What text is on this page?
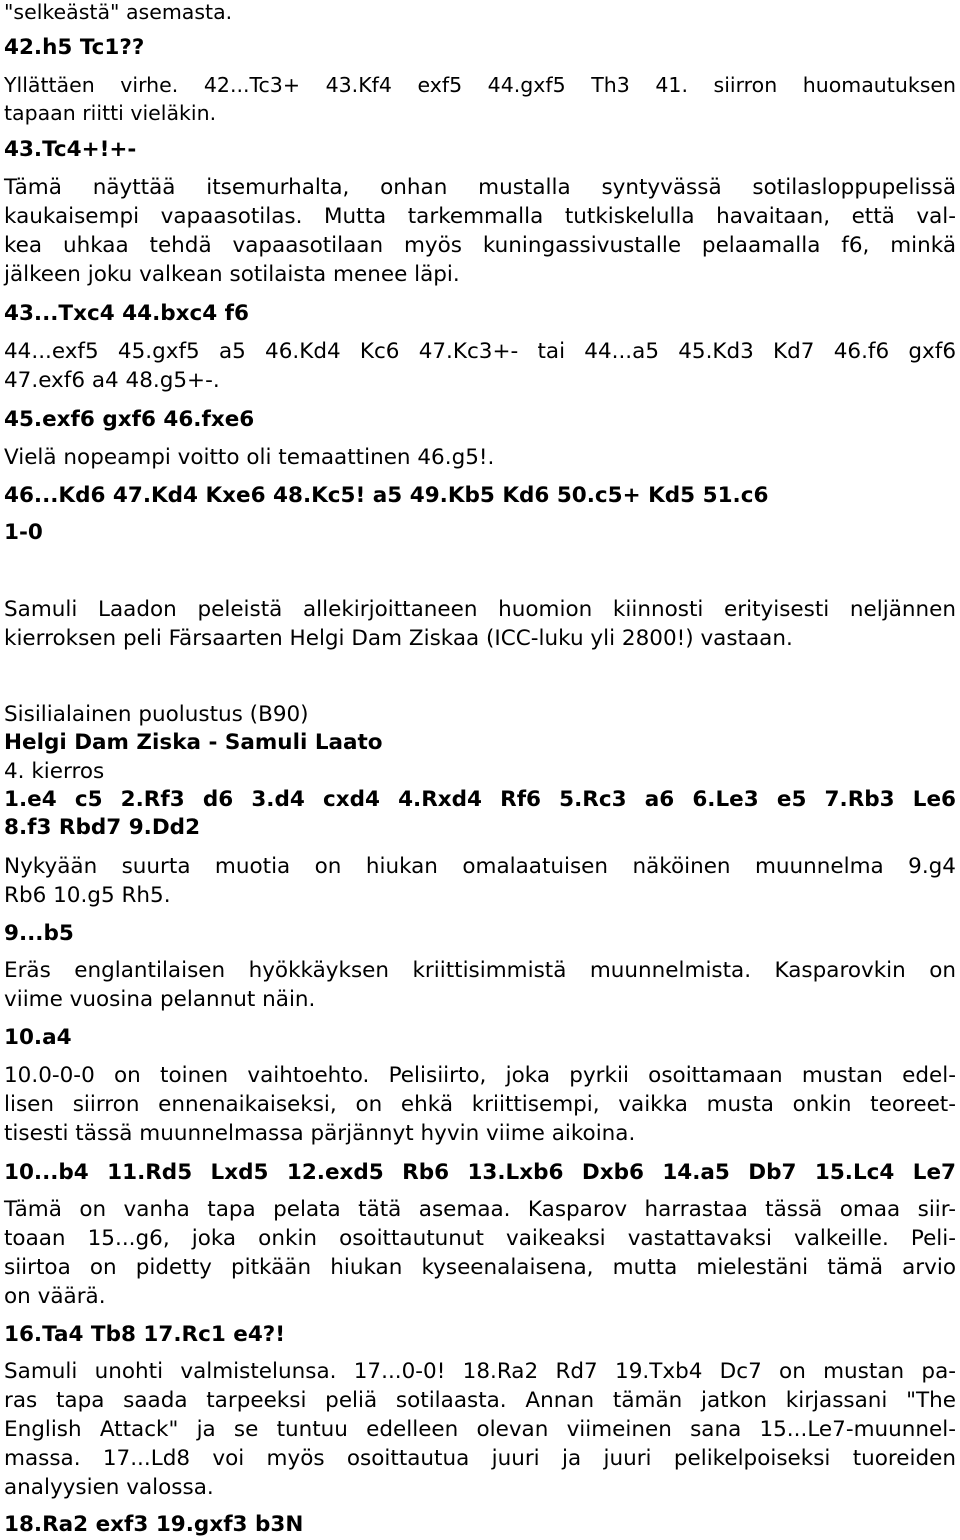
"selkeästä" asemasta.
42.h5 Tc1??
Yllättäen virhe. 42...Tc3+ 43.Kf4 exf5 44.gxf5 Th3 41. siirron huomautuksen
tapaan riitti vieläkin.
43.Tc4+!+-
Tämä näyttää itsemurhalta, onhan mustalla syntyvässä sotilasloppupelissä
kaukaisempi vapaasotilas. Mutta tarkemmalla tutkiskelulla havaitaan, että val-
kea uhkaa tehdä vapaasotilaan myös kuningassivustalle pelaamalla f6, minkä
jälkeen joku valkean sotilaista menee läpi.
43...Txc4 44.bxc4 f6
44...exf5 45.gxf5 a5 46.Kd4 Kc6 47.Kc3+- tai 44...a5 45.Kd3 Kd7 46.f6 gxf6
47.exf6 a4 48.g5+-.
45.exf6 gxf6 46.fxe6
Vielä nopeampi voitto oli temaattinen 46.g5!.
46...Kd6 47.Kd4 Kxe6 48.Kc5! a5 49.Kb5 Kd6 50.c5+ Kd5 51.c6
1-0
Samuli Laadon peleistä allekirjoittaneen huomion kiinnosti erityisesti neljännen
kierroksen peli Färsaarten Helgi Dam Ziskaa (ICC-luku yli 2800!) vastaan.
Sisilialainen puolustus (B90)
Helgi Dam Ziska - Samuli Laato
4. kierros
1.e4 c5 2.Rf3 d6 3.d4 cxd4 4.Rxd4 Rf6 5.Rc3 a6 6.Le3 e5 7.Rb3 Le6
8.f3 Rbd7 9.Dd2
Nykyään suurta muotia on hiukan omalaatuisen näköinen muunnelma 9.g4
Rb6 10.g5 Rh5.
9...b5
Eräs englantilaisen hyökkäyksen kriittisimmistä muunnelmista. Kasparovkin on
viime vuosina pelannut näin.
10.a4
10.0-0-0 on toinen vaihtoehto. Pelisiirto, joka pyrkii osoittamaan mustan edel-
lisen siirron ennenaikaiseksi, on ehkä kriittisempi, vaikka musta onkin teoreet-
tisesti tässä muunnelmassa pärjännyt hyvin viime aikoina.
10...b4 11.Rd5 Lxd5 12.exd5 Rb6 13.Lxb6 Dxb6 14.a5 Db7 15.Lc4 Le7
Tämä on vanha tapa pelata tätä asemaa. Kasparov harrastaa tässä omaa siir-
toaan 15...g6, joka onkin osoittautunut vaikeaksi vastattavaksi valkeille. Peli-
siirtoa on pidetty pitkään hiukan kyseenalaisena, mutta mielestäni tämä arvio
on väärä.
16.Ta4 Tb8 17.Rc1 e4?!
Samuli unohti valmistelunsa. 17...0-0! 18.Ra2 Rd7 19.Txb4 Dc7 on mustan pa-
ras tapa saada tarpeeksi peliä sotilaasta. Annan tämän jatkon kirjassani "The
English Attack" ja se tuntuu edelleen olevan viimeinen sana 15...Le7-muunnel-
massa. 17...Ld8 voi myös osoittautua juuri ja juuri pelikelpoiseksi tuoreiden
analyysien valossa.
18.Ra2 exf3 19.gxf3 b3N
